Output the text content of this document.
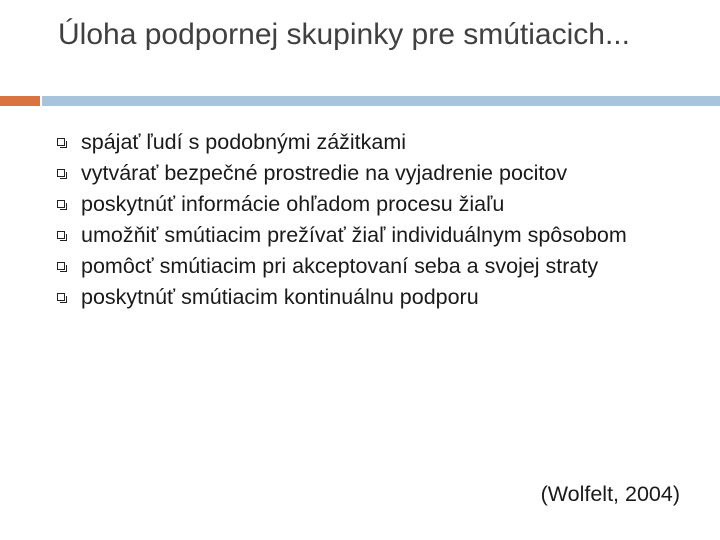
Úloha podpornej skupinky pre smútiacich...
spájať ľudí s podobnými zážitkami
vytvárať bezpečné prostredie na vyjadrenie pocitov
poskytnúť informácie ohľadom procesu žiaľu
umožňiť smútiacim prežívať žiaľ individuálnym spôsobom
pomôcť smútiacim pri akceptovaní seba a svojej straty
poskytnúť smútiacim kontinuálnu podporu
(Wolfelt, 2004)
